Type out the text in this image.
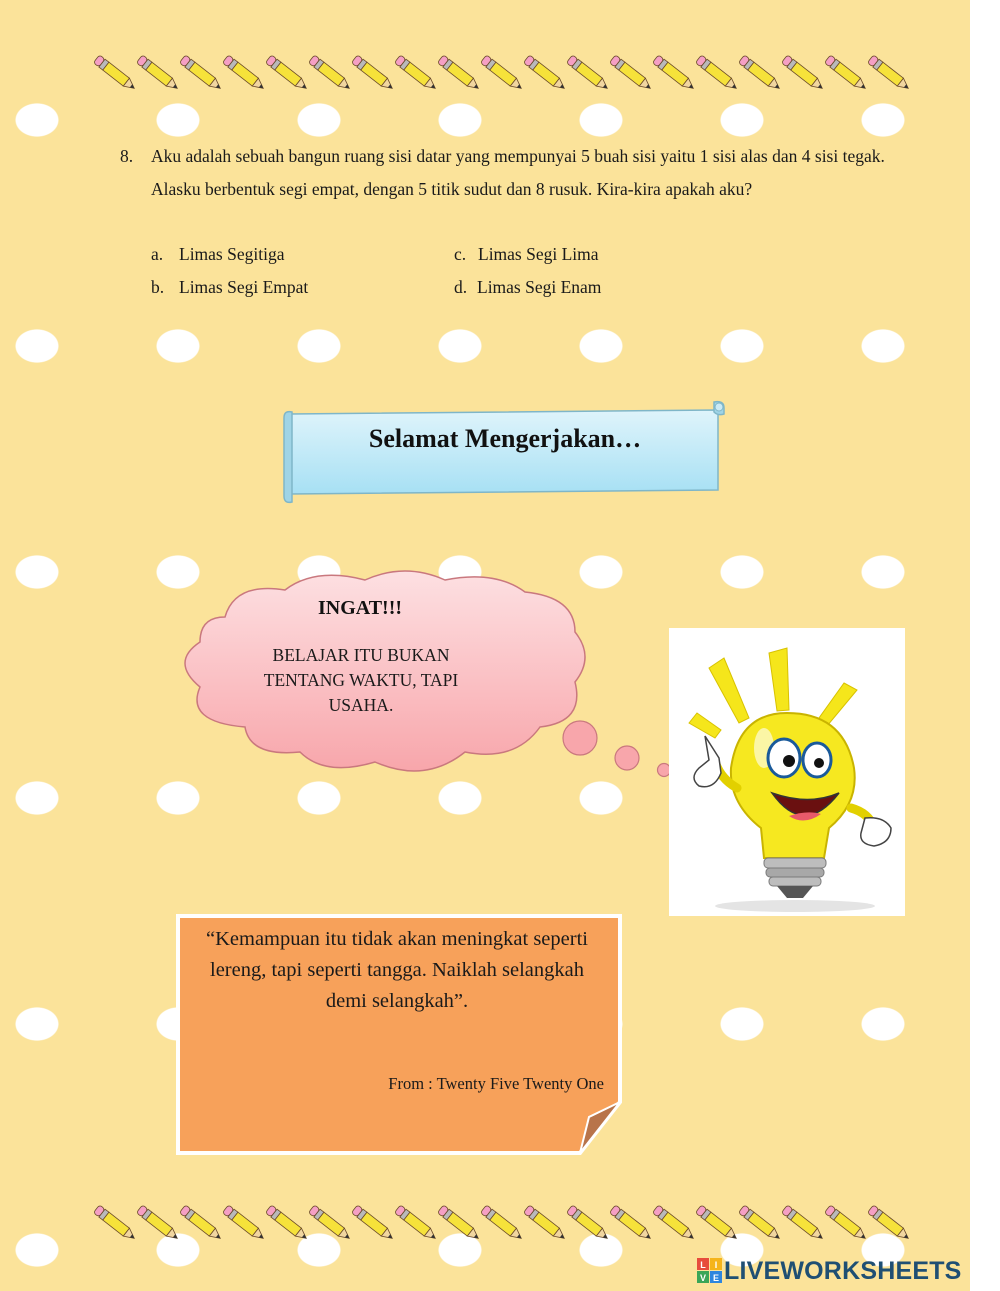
8.	Aku adalah sebuah bangun ruang sisi datar yang mempunyai 5 buah sisi yaitu 1 sisi alas dan 4 sisi tegak. Alasku berbentuk segi empat, dengan 5 titik sudut dan 8 rusuk. Kira-kira apakah aku?
a. Limas Segitiga
b. Limas Segi Empat
c. Limas Segi Lima
d. Limas Segi Enam
Selamat Mengerjakan…
INGAT!!!
BELAJAR ITU BUKAN TENTANG WAKTU, TAPI USAHA.
“Kemampuan itu tidak akan meningkat seperti lereng, tapi seperti tangga. Naiklah selangkah demi selangkah”.
From : Twenty Five Twenty One
L I
V E LIVEWORKSHEETS
